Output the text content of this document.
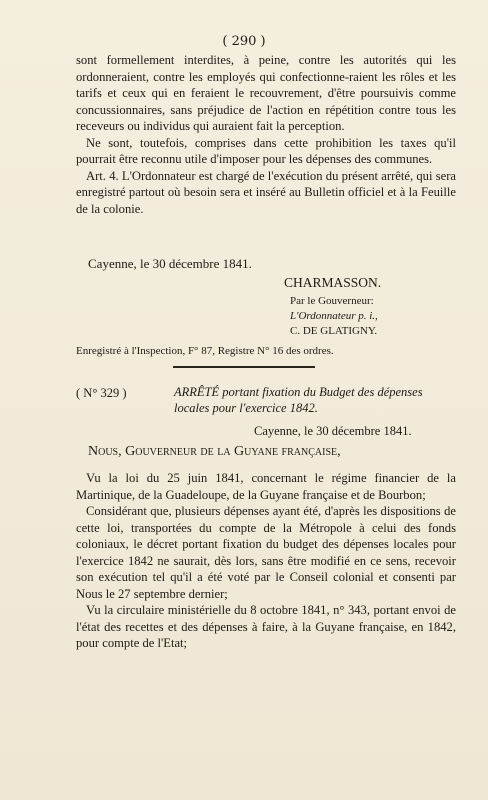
( 290 )

sont formellement interdites, à peine, contre les autorités qui les ordonneraient, contre les employés qui confectionne-raient les rôles et les tarifs et ceux qui en feraient le recouvrement, d'être poursuivis comme concussionnaires, sans préjudice de l'action en répétition contre tous les receveurs ou individus qui auraient fait la perception.

Ne sont, toutefois, comprises dans cette prohibition les taxes qu'il pourrait être reconnu utile d'imposer pour les dépenses des communes.

Art. 4. L'Ordonnateur est chargé de l'exécution du présent arrêté, qui sera enregistré partout où besoin sera et inséré au Bulletin officiel et à la Feuille de la colonie.

Cayenne, le 30 décembre 1841.
CHARMASSON.
Par le Gouverneur:
L'Ordonnateur p. i.,
C. DE GLATIGNY.
Enregistré à l'Inspection, F° 87, Registre N° 16 des ordres.
( N° 329 )	ARRÊTÉ portant fixation du Budget des dépenses locales pour l'exercice 1842.
Cayenne, le 30 décembre 1841.
Nous, Gouverneur de la Guyane française,

Vu la loi du 25 juin 1841, concernant le régime financier de la Martinique, de la Guadeloupe, de la Guyane française et de Bourbon;

Considérant que, plusieurs dépenses ayant été, d'après les dispositions de cette loi, transportées du compte de la Métropole à celui des fonds coloniaux, le décret portant fixation du budget des dépenses locales pour l'exercice 1842 ne saurait, dès lors, sans être modifié en ce sens, recevoir son exécution tel qu'il a été voté par le Conseil colonial et consenti par Nous le 27 septembre dernier;

Vu la circulaire ministérielle du 8 octobre 1841, n° 343, portant envoi de l'état des recettes et des dépenses à faire, à la Guyane française, en 1842, pour compte de l'Etat;
